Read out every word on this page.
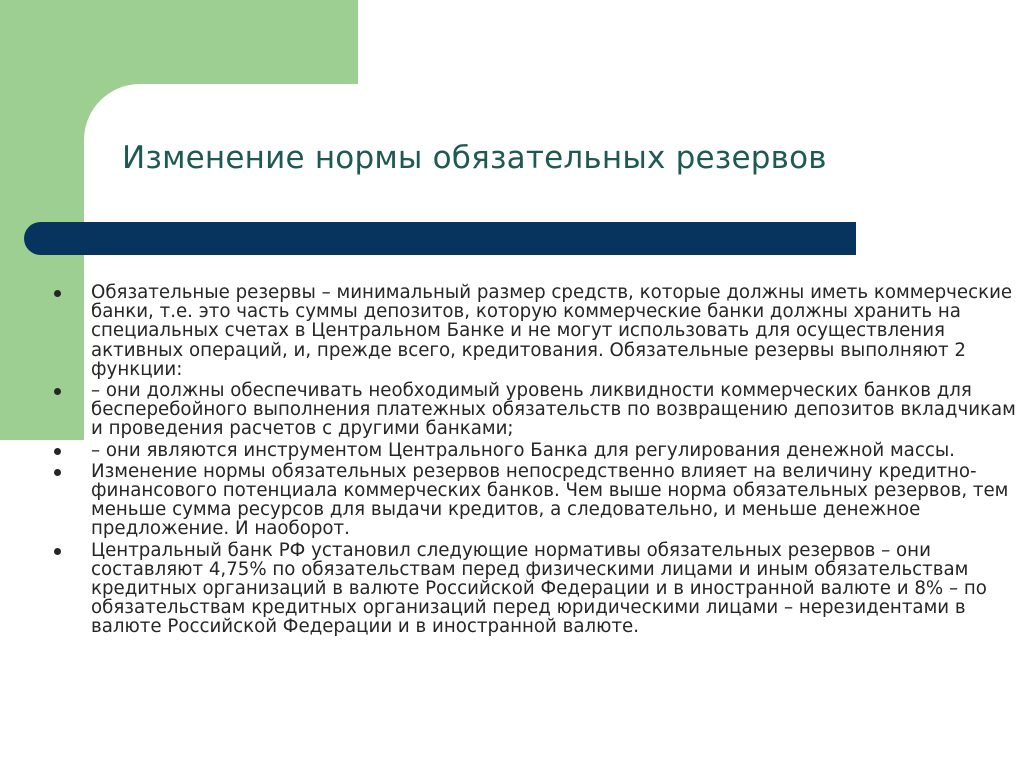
Изменение нормы обязательных резервов
Обязательные резервы – минимальный размер средств, которые должны иметь коммерческие банки, т.е. это часть суммы депозитов, которую коммерческие банки должны хранить на специальных счетах в Центральном Банке и не могут использовать для осуществления активных операций, и, прежде всего, кредитования. Обязательные резервы выполняют 2 функции:
– они должны обеспечивать необходимый уровень ликвидности коммерческих банков для бесперебойного выполнения платежных обязательств по возвращению депозитов вкладчикам и проведения расчетов с другими банками;
– они являются инструментом Центрального Банка для регулирования денежной массы.
Изменение нормы обязательных резервов непосредственно влияет на величину кредитно-финансового потенциала коммерческих банков. Чем выше норма обязательных резервов, тем меньше сумма ресурсов для выдачи кредитов, а следовательно, и меньше денежное предложение. И наоборот.
Центральный банк РФ установил следующие нормативы обязательных резервов – они составляют 4,75% по обязательствам перед физическими лицами и иным обязательствам кредитных организаций в валюте Российской Федерации и в иностранной валюте и 8% – по обязательствам кредитных организаций перед юридическими лицами – нерезидентами в валюте Российской Федерации и в иностранной валюте.
